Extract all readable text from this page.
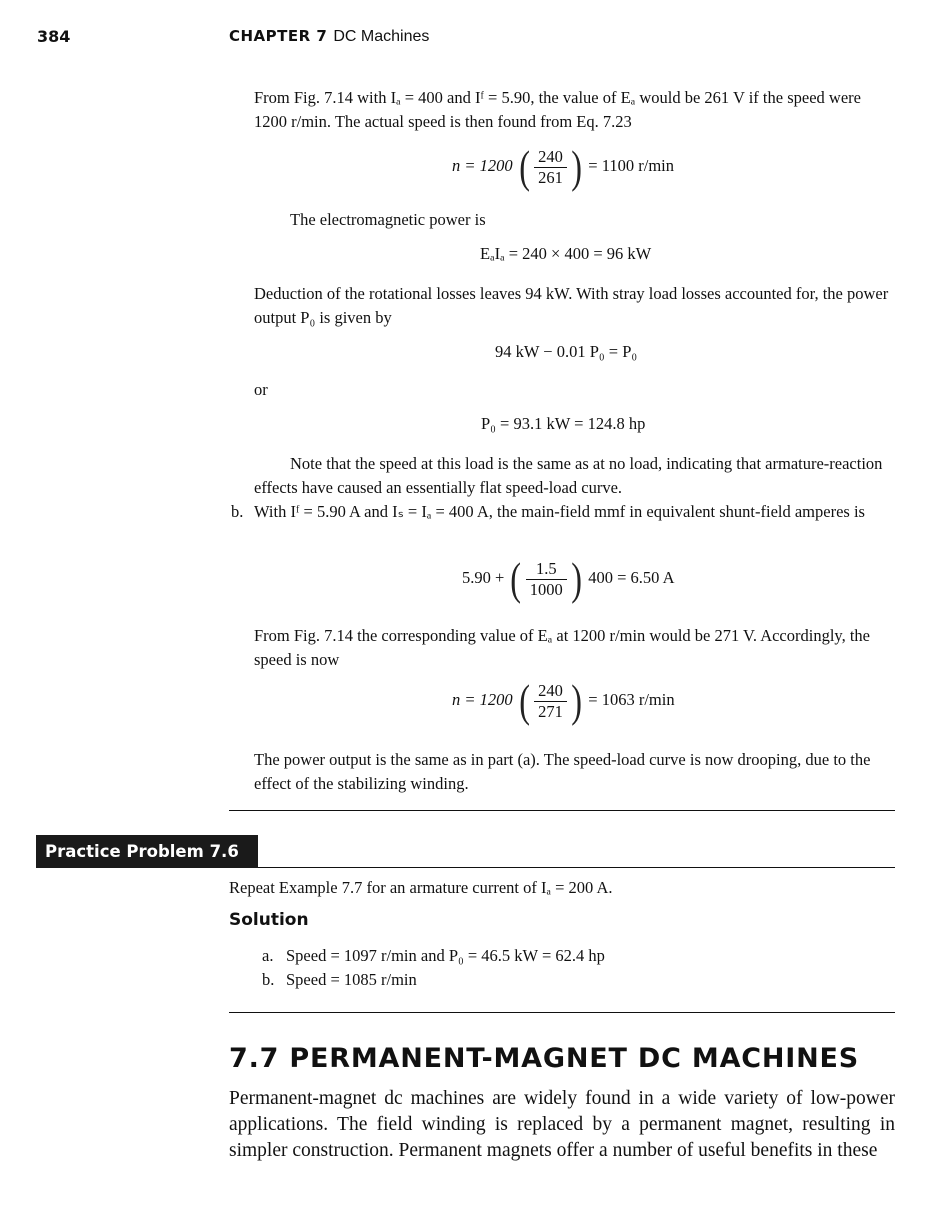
384	CHAPTER 7 DC Machines
From Fig. 7.14 with Iₐ = 400 and Iᶠ = 5.90, the value of Eₐ would be 261 V if the speed were 1200 r/min. The actual speed is then found from Eq. 7.23
n = 1200 ( $\frac{240}{261}$ ) = 1100 r/min
The electromagnetic power is
EₐIₐ = 240 × 400 = 96 kW
Deduction of the rotational losses leaves 94 kW. With stray load losses accounted for, the power output P₀ is given by
94 kW − 0.01 P₀ = P₀
or
P₀ = 93.1 kW = 124.8 hp
Note that the speed at this load is the same as at no load, indicating that armature-reaction effects have caused an essentially flat speed-load curve.
b. With Iᶠ = 5.90 A and Iₛ = Iₐ = 400 A, the main-field mmf in equivalent shunt-field amperes is
5.90 + ( $\frac{1.5}{1000}$ ) 400 = 6.50 A
From Fig. 7.14 the corresponding value of Eₐ at 1200 r/min would be 271 V. Accordingly, the speed is now
n = 1200 ( $\frac{240}{271}$ ) = 1063 r/min
The power output is the same as in part (a). The speed-load curve is now drooping, due to the effect of the stabilizing winding.
Practice Problem 7.6
Repeat Example 7.7 for an armature current of Iₐ = 200 A.
Solution
a. Speed = 1097 r/min and P₀ = 46.5 kW = 62.4 hp
b. Speed = 1085 r/min
7.7 PERMANENT-MAGNET DC MACHINES
Permanent-magnet dc machines are widely found in a wide variety of low-power applications. The field winding is replaced by a permanent magnet, resulting in simpler construction. Permanent magnets offer a number of useful benefits in these
